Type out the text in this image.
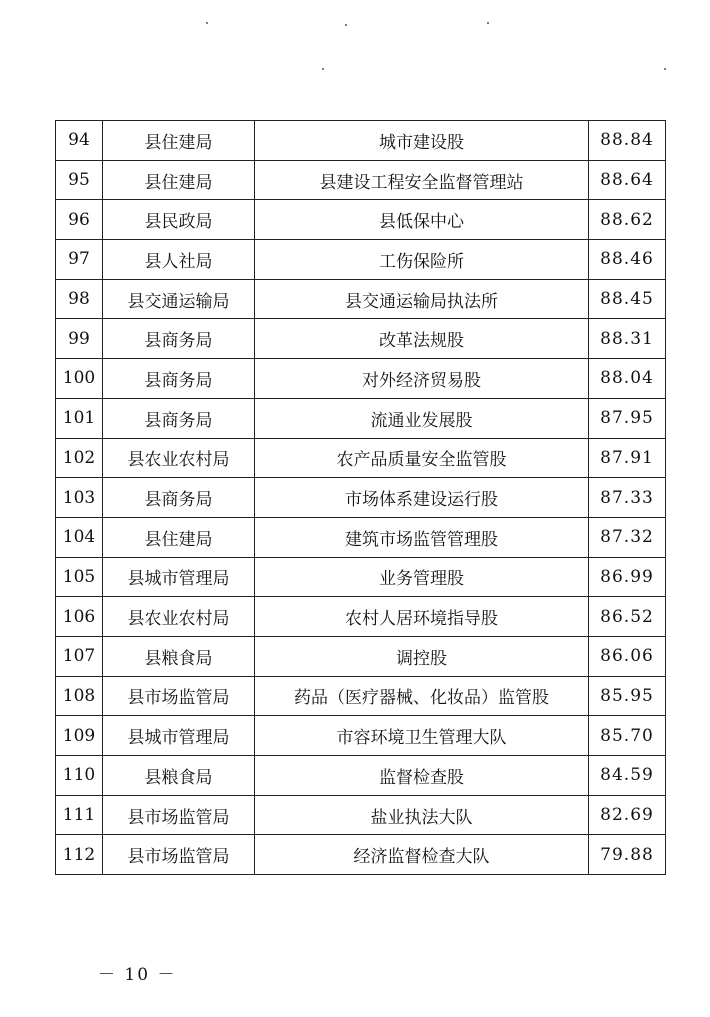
94	县住建局	城市建设股	88.84
95	县住建局	县建设工程安全监督管理站	88.64
96	县民政局	县低保中心	88.62
97	县人社局	工伤保险所	88.46
98	县交通运输局	县交通运输局执法所	88.45
99	县商务局	改革法规股	88.31
100	县商务局	对外经济贸易股	88.04
101	县商务局	流通业发展股	87.95
102	县农业农村局	农产品质量安全监管股	87.91
103	县商务局	市场体系建设运行股	87.33
104	县住建局	建筑市场监管管理股	87.32
105	县城市管理局	业务管理股	86.99
106	县农业农村局	农村人居环境指导股	86.52
107	县粮食局	调控股	86.06
108	县市场监管局	药品（医疗器械、化妆品）监管股	85.95
109	县城市管理局	市容环境卫生管理大队	85.70
110	县粮食局	监督检查股	84.59
111	县市场监管局	盐业执法大队	82.69
112	县市场监管局	经济监督检查大队	79.88
－ 10 －
